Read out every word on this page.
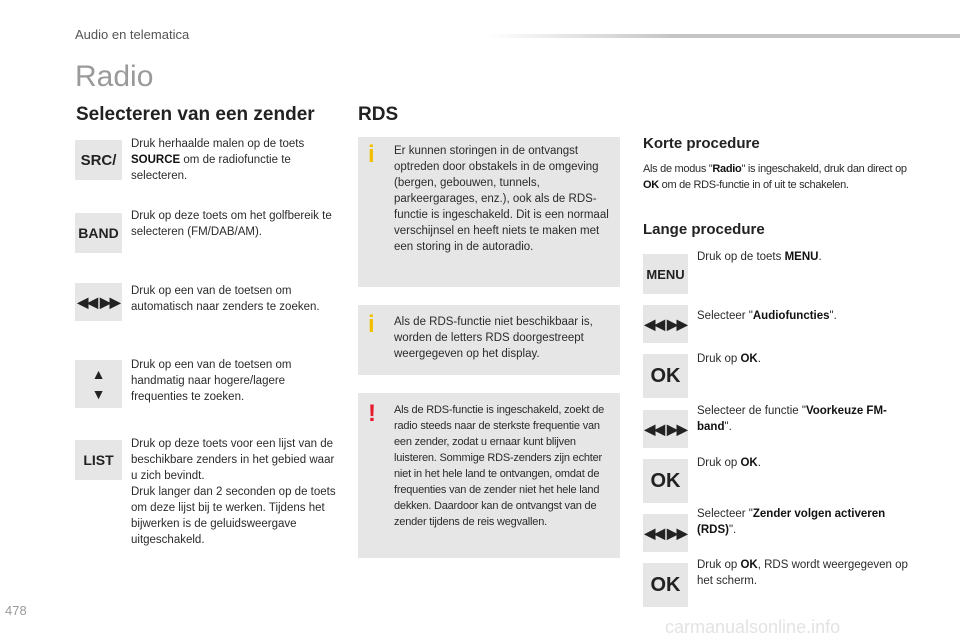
Audio en telematica
Radio
Selecteren van een zender
SRC/
Druk herhaalde malen op de toets SOURCE om de radiofunctie te selecteren.
BAND
Druk op deze toets om het golfbereik te selecteren (FM/DAB/AM).
◀◀ ▶▶
Druk op een van de toetsen om automatisch naar zenders te zoeken.
▲
▼
Druk op een van de toetsen om handmatig naar hogere/lagere frequenties te zoeken.
LIST
Druk op deze toets voor een lijst van de beschikbare zenders in het gebied waar u zich bevindt.
Druk langer dan 2 seconden op de toets om deze lijst bij te werken. Tijdens het bijwerken is de geluidsweergave uitgeschakeld.
RDS
i Er kunnen storingen in de ontvangst optreden door obstakels in de omgeving (bergen, gebouwen, tunnels, parkeergarages, enz.), ook als de RDS-functie is ingeschakeld. Dit is een normaal verschijnsel en heeft niets te maken met een storing in de autoradio.
i Als de RDS-functie niet beschikbaar is, worden de letters RDS doorgestreept weergegeven op het display.
! Als de RDS-functie is ingeschakeld, zoekt de radio steeds naar de sterkste frequentie van een zender, zodat u ernaar kunt blijven luisteren. Sommige RDS-zenders zijn echter niet in het hele land te ontvangen, omdat de frequenties van de zender niet het hele land dekken. Daardoor kan de ontvangst van de zender tijdens de reis wegvallen.
Korte procedure
Als de modus "Radio" is ingeschakeld, druk dan direct op OK om de RDS-functie in of uit te schakelen.
Lange procedure
MENU
Druk op de toets MENU.
◀◀ ▶▶ Selecteer "Audiofuncties".
OK
Druk op OK.
◀◀ ▶▶
Selecteer de functie "Voorkeuze FM-band".
OK
Druk op OK.
◀◀ ▶▶
Selecteer "Zender volgen activeren (RDS)".
OK
Druk op OK, RDS wordt weergegeven op het scherm.
478
carmanualsonline.info
